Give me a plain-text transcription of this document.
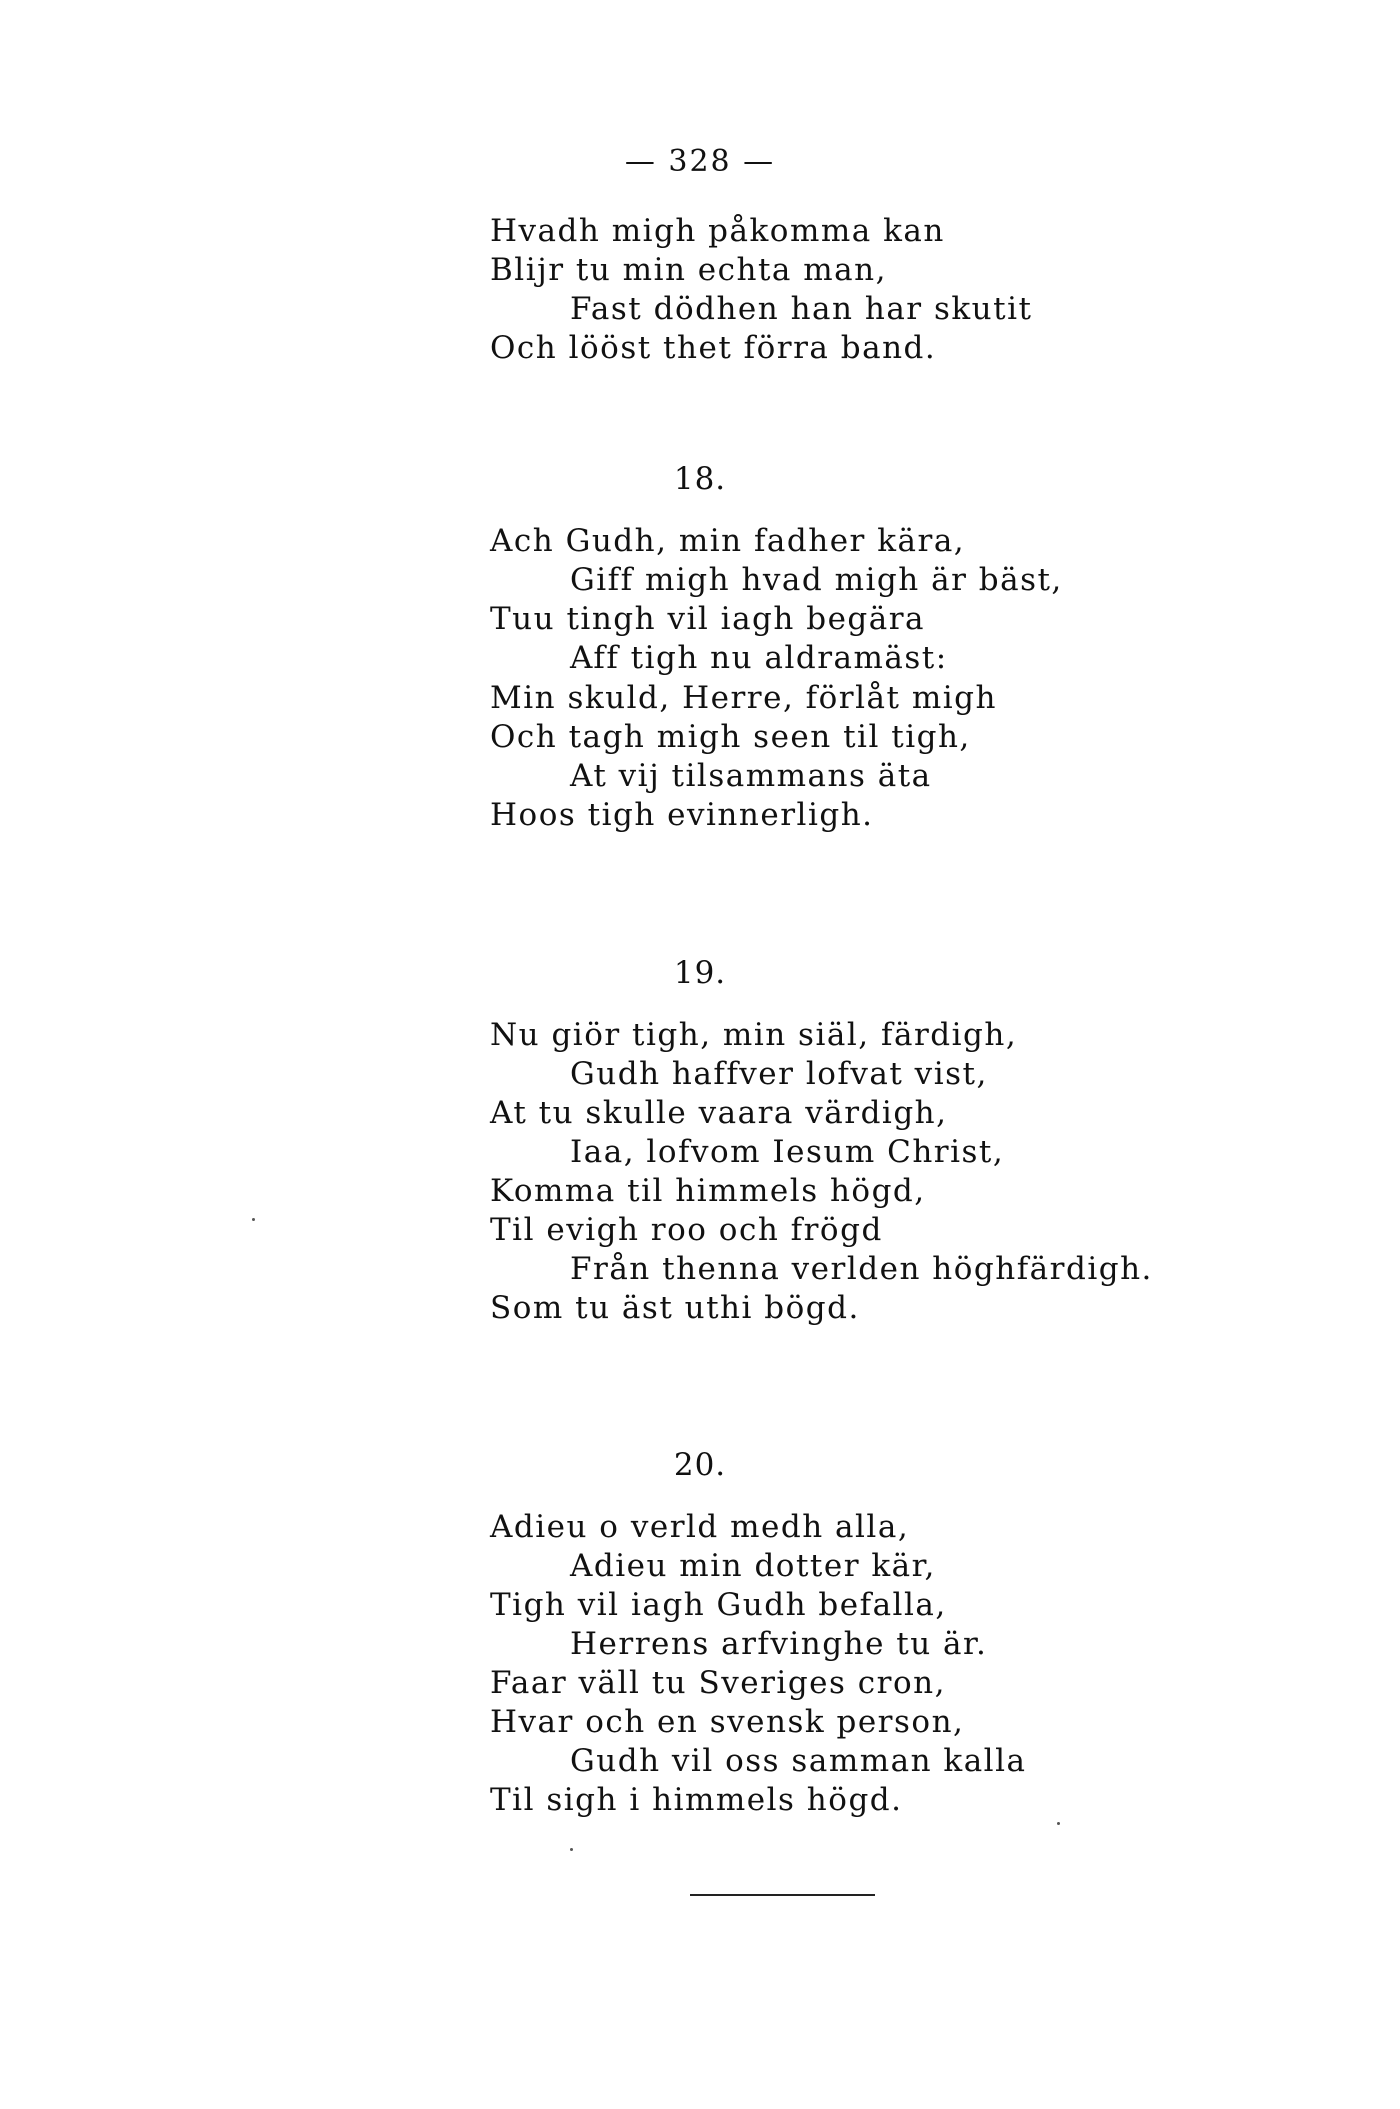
— 328 —
Hvadh migh påkomma kan
Blijr tu min echta man,
Fast dödhen han har skutit
Och lööst thet förra band.
18.
Ach Gudh, min fadher kära,
Giff migh hvad migh är bäst,
Tuu tingh vil iagh begära
Aff tigh nu aldramäst:
Min skuld, Herre, förlåt migh
Och tagh migh seen til tigh,
At vij tilsammans äta
Hoos tigh evinnerligh.
19.
Nu giör tigh, min siäl, färdigh,
Gudh haffver lofvat vist,
At tu skulle vaara värdigh,
Iaa, lofvom Iesum Christ,
Komma til himmels högd,
Til evigh roo och frögd
Från thenna verlden höghfärdigh.
Som tu äst uthi bögd.
20.
Adieu o verld medh alla,
Adieu min dotter kär,
Tigh vil iagh Gudh befalla,
Herrens arfvinghe tu är.
Faar väll tu Sveriges cron,
Hvar och en svensk person,
Gudh vil oss samman kalla
Til sigh i himmels högd.
